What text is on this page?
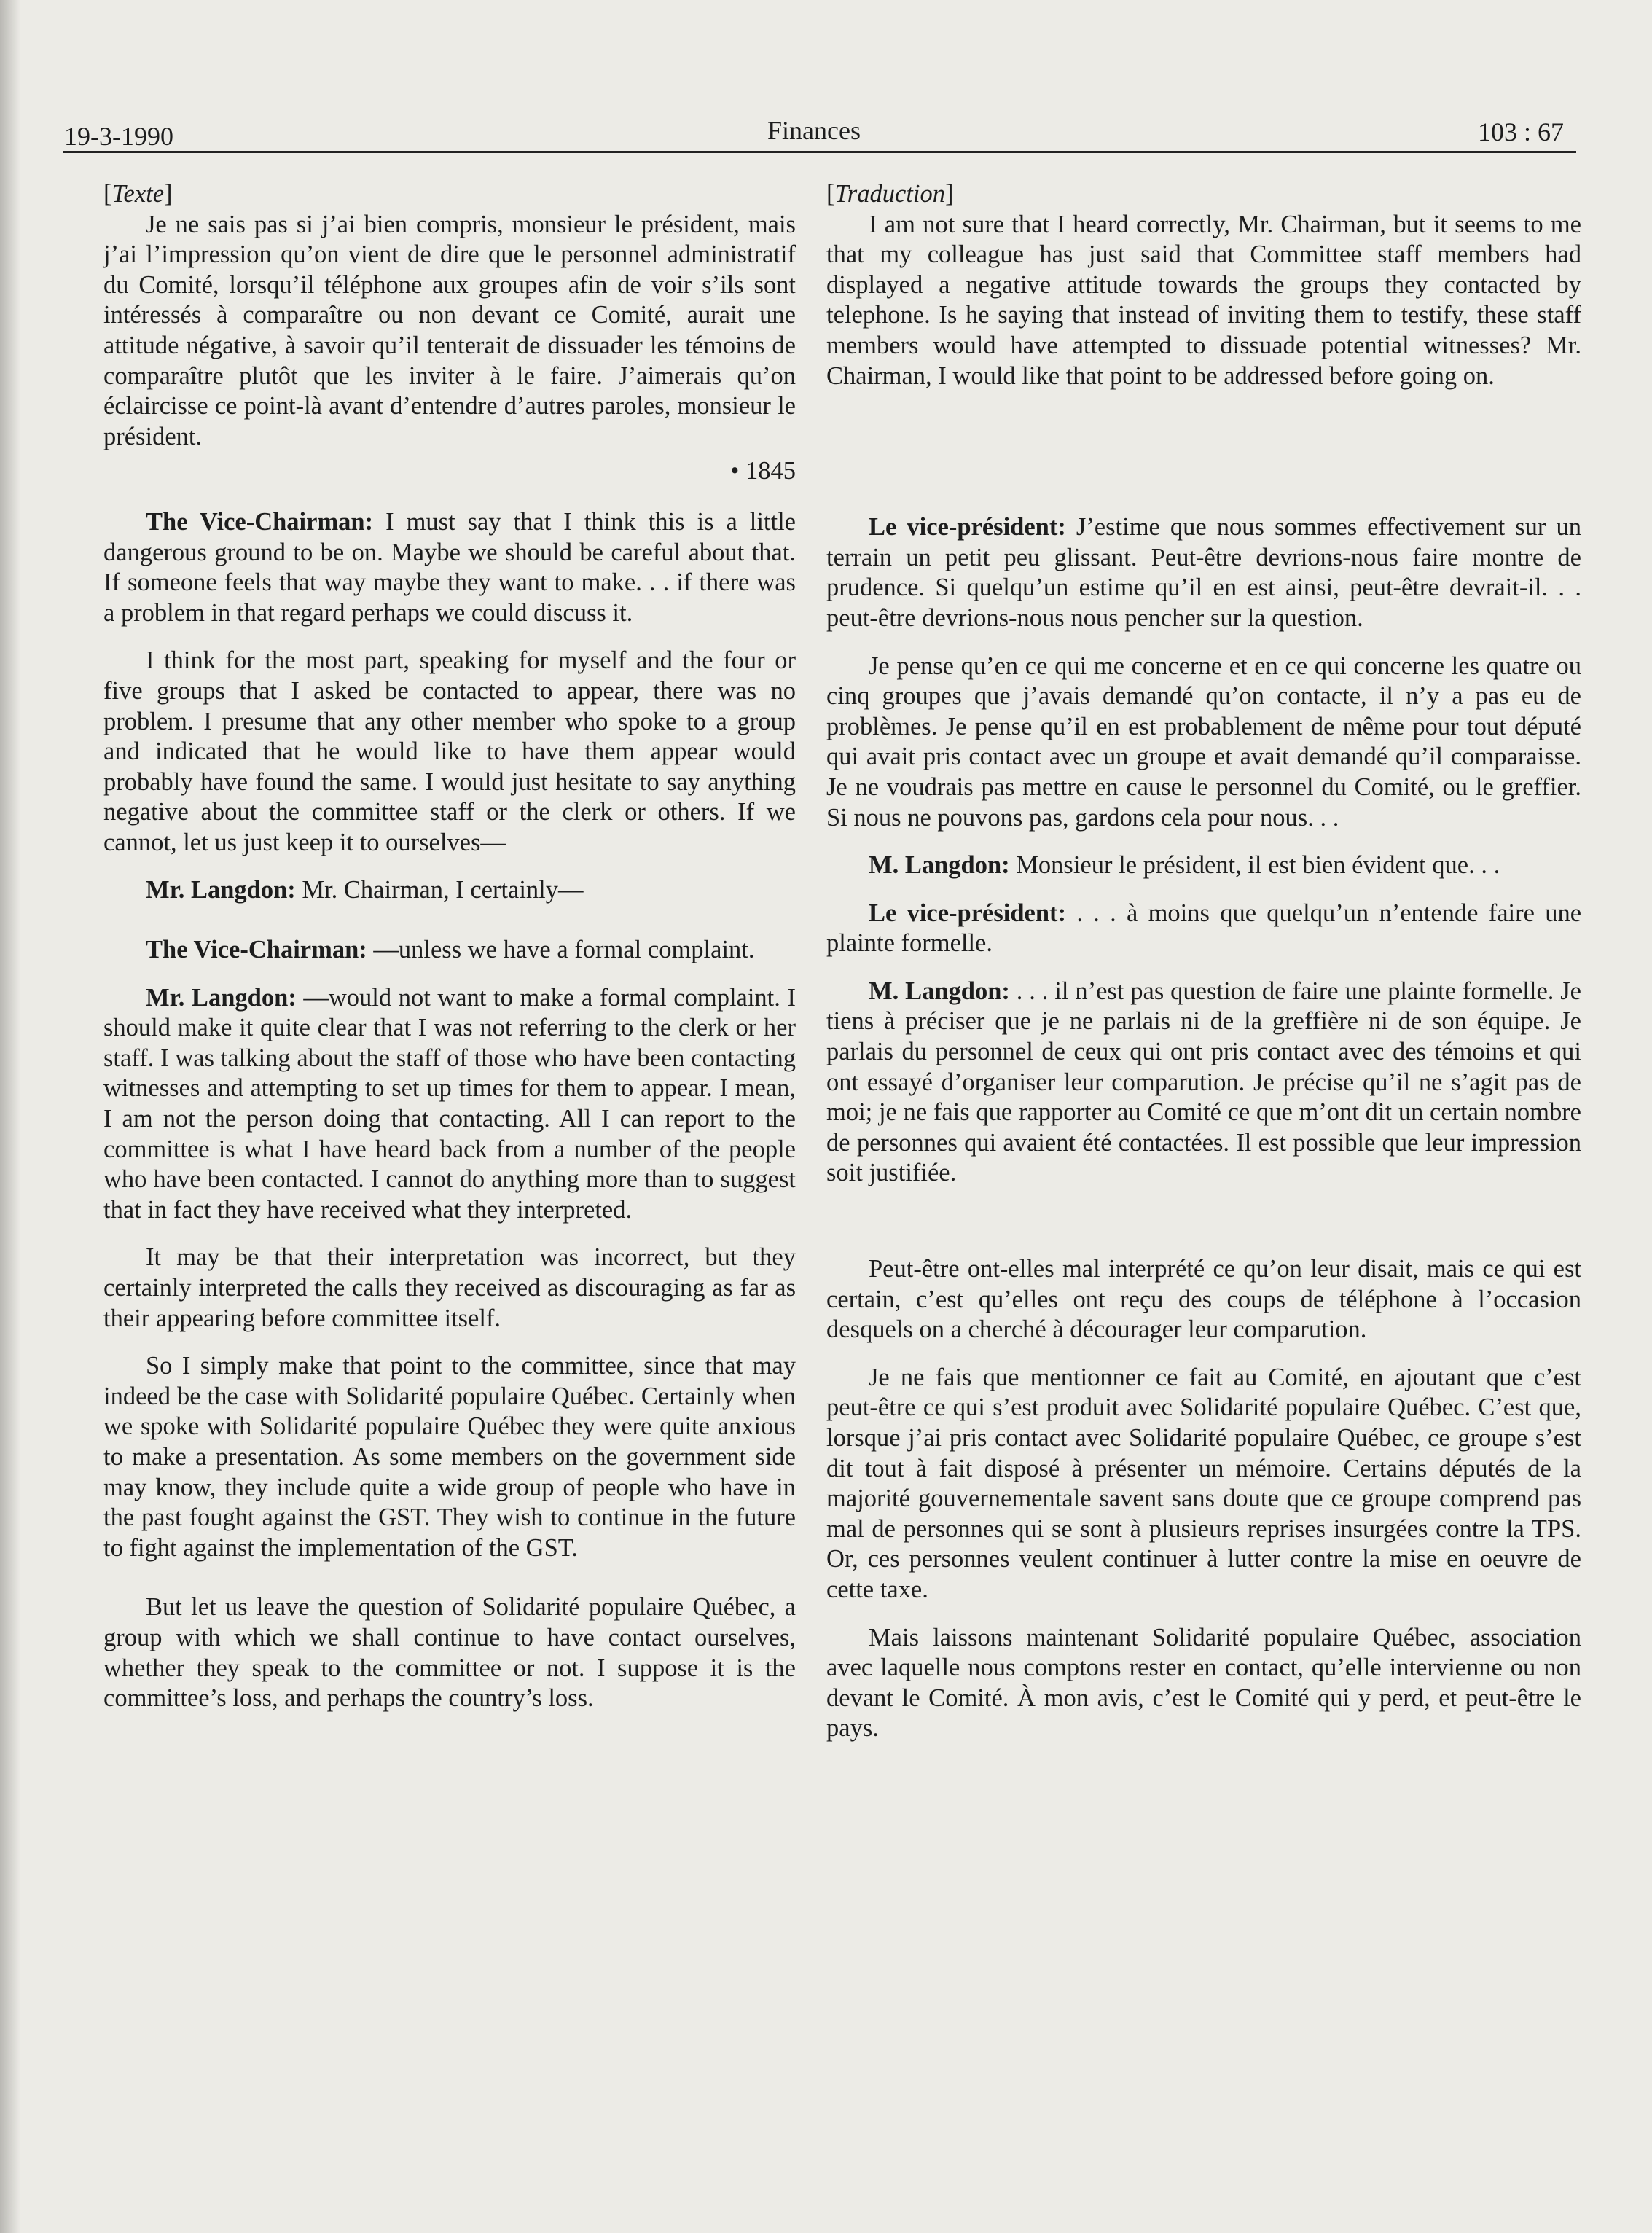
19-3-1990	Finances	103 : 67

[Texte]

Je ne sais pas si j’ai bien compris, monsieur le président, mais j’ai l’impression qu’on vient de dire que le personnel administratif du Comité, lorsqu’il téléphone aux groupes afin de voir s’ils sont intéressés à comparaître ou non devant ce Comité, aurait une attitude négative, à savoir qu’il tenterait de dissuader les témoins de comparaître plutôt que les inviter à le faire. J’aimerais qu’on éclaircisse ce point-là avant d’entendre d’autres paroles, monsieur le président.

• 1845

The Vice-Chairman: I must say that I think this is a little dangerous ground to be on. Maybe we should be careful about that. If someone feels that way maybe they want to make. . . if there was a problem in that regard perhaps we could discuss it.

I think for the most part, speaking for myself and the four or five groups that I asked be contacted to appear, there was no problem. I presume that any other member who spoke to a group and indicated that he would like to have them appear would probably have found the same. I would just hesitate to say anything negative about the committee staff or the clerk or others. If we cannot, let us just keep it to ourselves—

Mr. Langdon: Mr. Chairman, I certainly—

The Vice-Chairman: —unless we have a formal complaint.

Mr. Langdon: —would not want to make a formal complaint. I should make it quite clear that I was not referring to the clerk or her staff. I was talking about the staff of those who have been contacting witnesses and attempting to set up times for them to appear. I mean, I am not the person doing that contacting. All I can report to the committee is what I have heard back from a number of the people who have been contacted. I cannot do anything more than to suggest that in fact they have received what they interpreted.

It may be that their interpretation was incorrect, but they certainly interpreted the calls they received as discouraging as far as their appearing before committee itself.

So I simply make that point to the committee, since that may indeed be the case with Solidarité populaire Québec. Certainly when we spoke with Solidarité populaire Québec they were quite anxious to make a presentation. As some members on the government side may know, they include quite a wide group of people who have in the past fought against the GST. They wish to continue in the future to fight against the implementation of the GST.

But let us leave the question of Solidarité populaire Québec, a group with which we shall continue to have contact ourselves, whether they speak to the committee or not. I suppose it is the committee’s loss, and perhaps the country’s loss.

[Traduction]

I am not sure that I heard correctly, Mr. Chairman, but it seems to me that my colleague has just said that Committee staff members had displayed a negative attitude towards the groups they contacted by telephone. Is he saying that instead of inviting them to testify, these staff members would have attempted to dissuade potential witnesses? Mr. Chairman, I would like that point to be addressed before going on.

Le vice-président: J’estime que nous sommes effectivement sur un terrain un petit peu glissant. Peut-être devrions-nous faire montre de prudence. Si quelqu’un estime qu’il en est ainsi, peut-être devrait-il. . . peut-être devrions-nous nous pencher sur la question.

Je pense qu’en ce qui me concerne et en ce qui concerne les quatre ou cinq groupes que j’avais demandé qu’on contacte, il n’y a pas eu de problèmes. Je pense qu’il en est probablement de même pour tout député qui avait pris contact avec un groupe et avait demandé qu’il comparaisse. Je ne voudrais pas mettre en cause le personnel du Comité, ou le greffier. Si nous ne pouvons pas, gardons cela pour nous. . .

M. Langdon: Monsieur le président, il est bien évident que. . .

Le vice-président: . . . à moins que quelqu’un n’entende faire une plainte formelle.

M. Langdon: . . . il n’est pas question de faire une plainte formelle. Je tiens à préciser que je ne parlais ni de la greffière ni de son équipe. Je parlais du personnel de ceux qui ont pris contact avec des témoins et qui ont essayé d’organiser leur comparution. Je précise qu’il ne s’agit pas de moi; je ne fais que rapporter au Comité ce que m’ont dit un certain nombre de personnes qui avaient été contactées. Il est possible que leur impression soit justifiée.

Peut-être ont-elles mal interprété ce qu’on leur disait, mais ce qui est certain, c’est qu’elles ont reçu des coups de téléphone à l’occasion desquels on a cherché à décourager leur comparution.

Je ne fais que mentionner ce fait au Comité, en ajoutant que c’est peut-être ce qui s’est produit avec Solidarité populaire Québec. C’est que, lorsque j’ai pris contact avec Solidarité populaire Québec, ce groupe s’est dit tout à fait disposé à présenter un mémoire. Certains députés de la majorité gouvernementale savent sans doute que ce groupe comprend pas mal de personnes qui se sont à plusieurs reprises insurgées contre la TPS. Or, ces personnes veulent continuer à lutter contre la mise en oeuvre de cette taxe.

Mais laissons maintenant Solidarité populaire Québec, association avec laquelle nous comptons rester en contact, qu’elle intervienne ou non devant le Comité. À mon avis, c’est le Comité qui y perd, et peut-être le pays.
